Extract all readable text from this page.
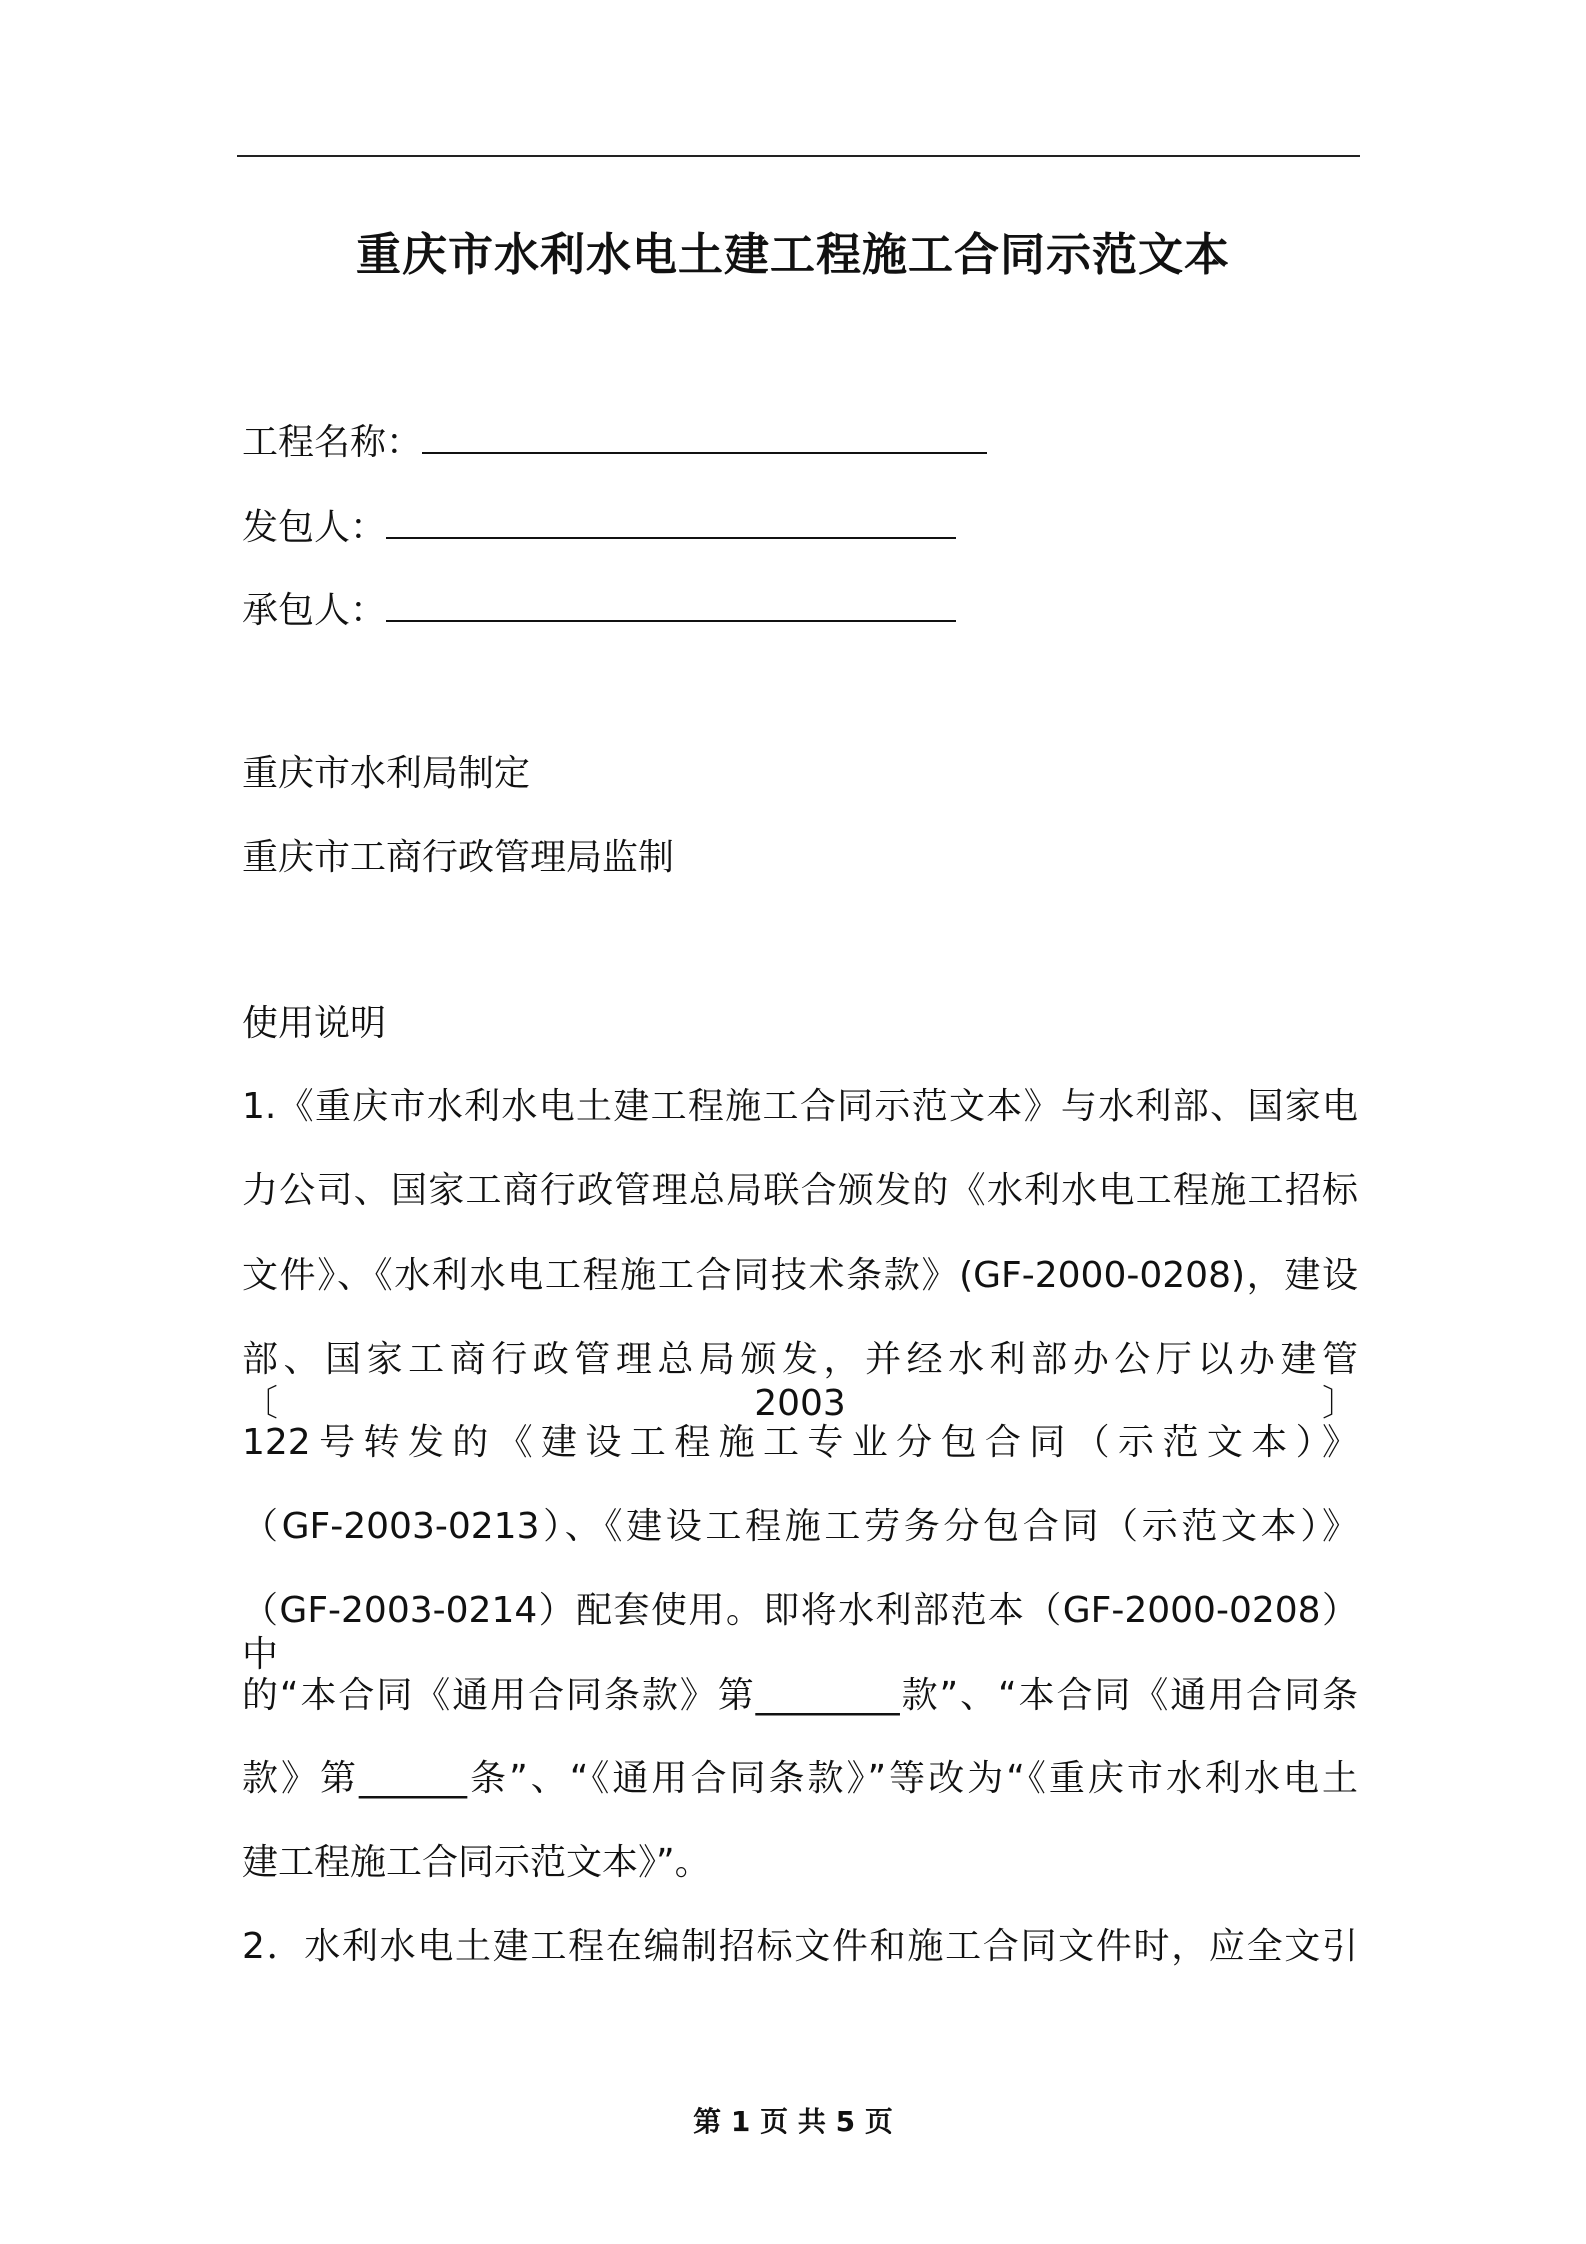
重庆市水利水电土建工程施工合同示范文本
工程名称：
发包人：
承包人：
重庆市水利局制定
重庆市工商行政管理局监制
使用说明
1.《重庆市水利水电土建工程施工合同示范文本》与水利部、国家电
力公司、国家工商行政管理总局联合颁发的《水利水电工程施工招标
文件》、《水利水电工程施工合同技术条款》(GF-2000-0208)，建设
部、国家工商行政管理总局颁发，并经水利部办公厅以办建管〔2003〕
122号转发的《建设工程施工专业分包合同（示范文本）》
（GF-2003-0213）、《建设工程施工劳务分包合同（示范文本）》
（GF-2003-0214）配套使用。即将水利部范本（GF-2000-0208）中
的“本合同《通用合同条款》第________款”、“本合同《通用合同条
款》第______条”、“《通用合同条款》”等改为“《重庆市水利水电土
建工程施工合同示范文本》”。
2．水利水电土建工程在编制招标文件和施工合同文件时，应全文引
第 1 页 共 5 页
